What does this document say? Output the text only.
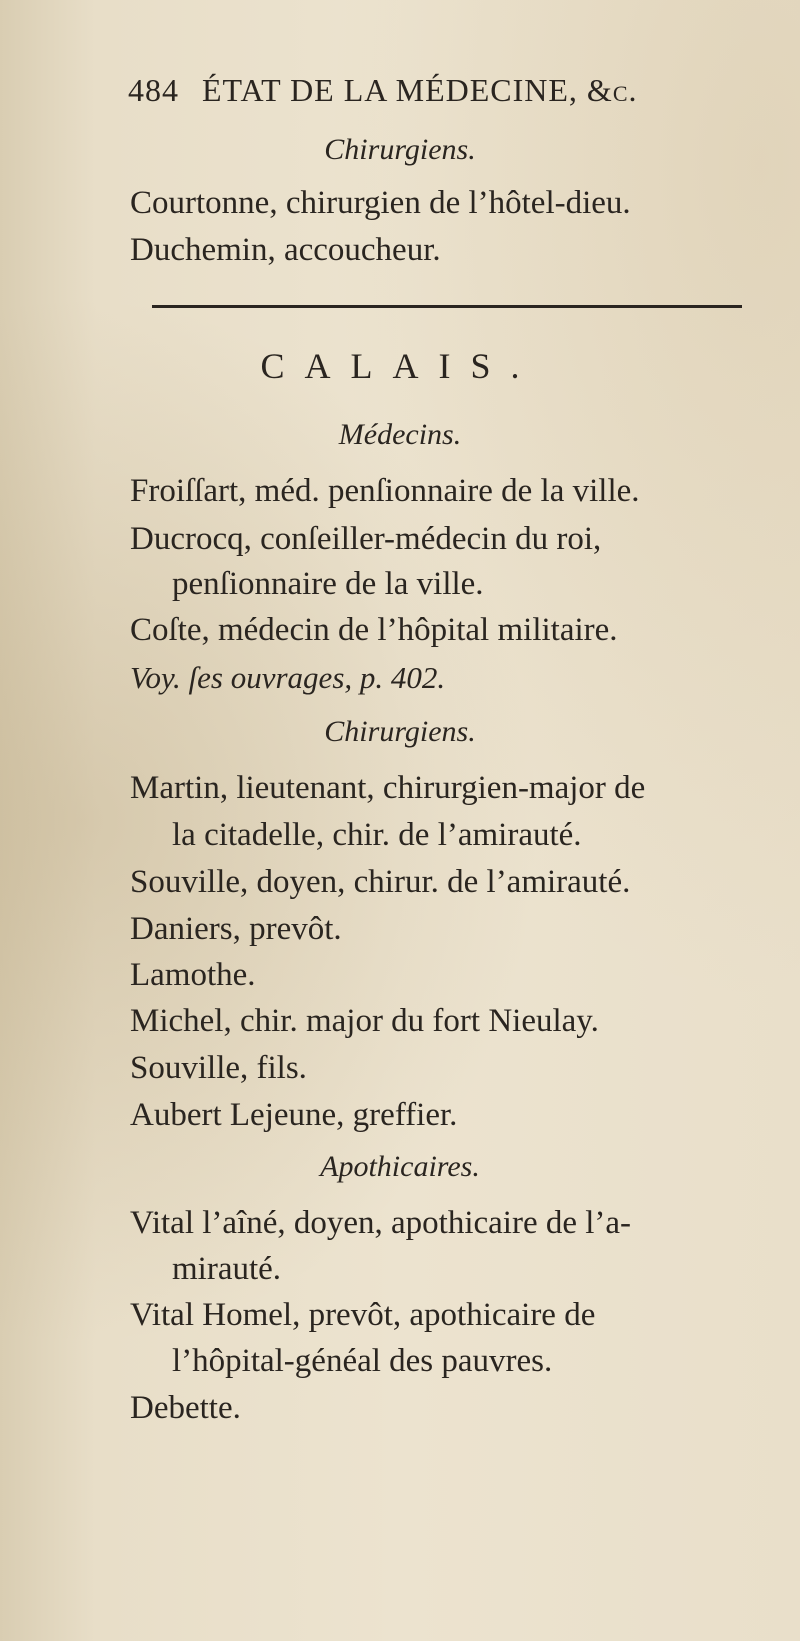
484 ÉTAT DE LA MÉDECINE, &c.
Chirurgiens.
Courtonne, chirurgien de l’hôtel-dieu.
Duchemin, accoucheur.
CALAIS.
Médecins.
Froiſſart, méd. penſionnaire de la ville.
Ducrocq, conſeiller-médecin du roi,
penſionnaire de la ville.
Coſte, médecin de l’hôpital militaire.
Voy. ſes ouvrages, p. 402.
Chirurgiens.
Martin, lieutenant, chirurgien-major de
la citadelle, chir. de l’amirauté.
Souville, doyen, chirur. de l’amirauté.
Daniers, prevôt.
Lamothe.
Michel, chir. major du fort Nieulay.
Souville, fils.
Aubert Lejeune, greffier.
Apothicaires.
Vital l’aîné, doyen, apothicaire de l’a-
mirauté.
Vital Homel, prevôt, apothicaire de
l’hôpital-généal des pauvres.
Debette.
